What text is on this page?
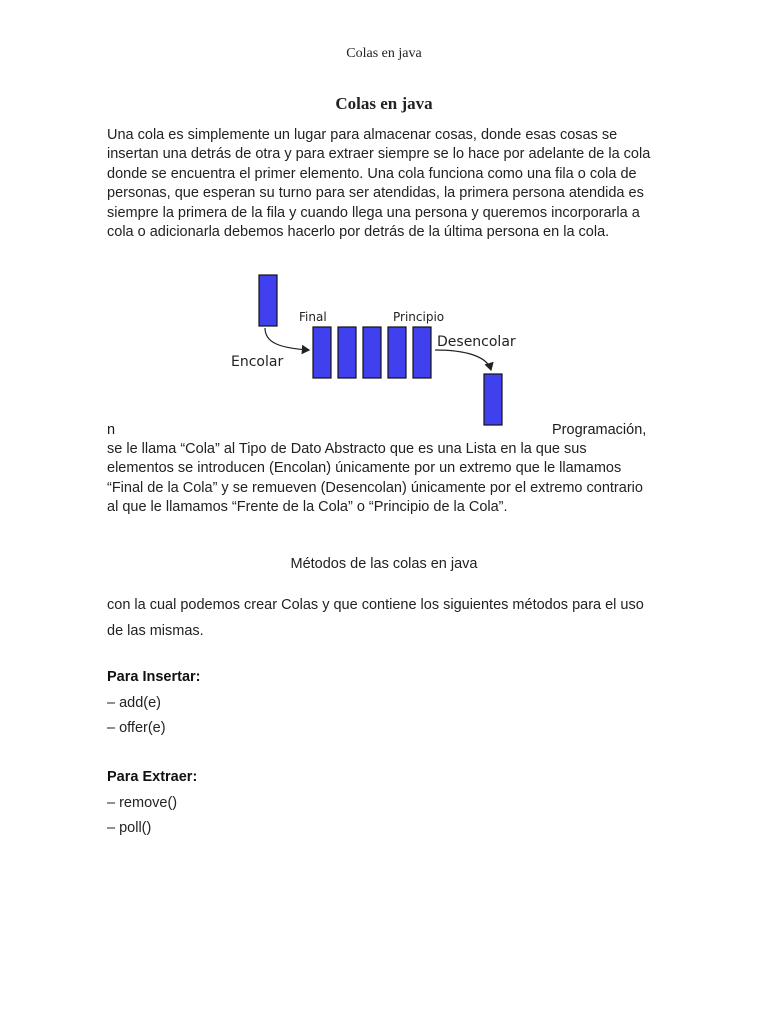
Colas en java
Colas en java
Una cola es simplemente un lugar para almacenar cosas, donde esas cosas se insertan una detrás de otra y para extraer siempre se lo hace por adelante de la cola donde se encuentra el primer elemento. Una cola funciona como una fila o cola de personas, que esperan su turno para ser atendidas, la primera persona atendida es siempre la primera de la fila y cuando llega una persona y queremos incorporarla a cola o adicionarla debemos hacerlo por detrás de la última persona en la cola.
Final	Principio
Encolar
Desencolar
n	Programación,
se le llama “Cola” al Tipo de Dato Abstracto que es una Lista en la que sus elementos se introducen (Encolan) únicamente por un extremo que le llamamos “Final de la Cola” y se remueven (Desencolan) únicamente por el extremo contrario al que le llamamos “Frente de la Cola” o “Principio de la Cola”.
Métodos de las colas en java
con la cual podemos crear Colas y que contiene los siguientes métodos para el uso de las mismas.
Para Insertar:
– add(e)
– offer(e)
Para Extraer:
– remove()
– poll()
